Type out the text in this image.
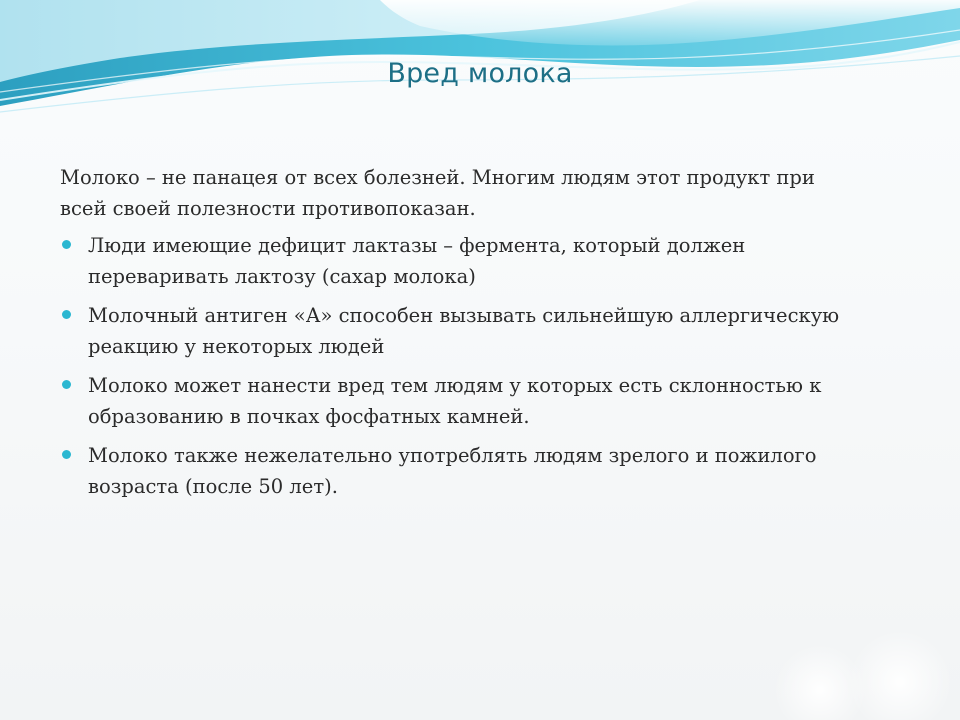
Вред молока

Молоко – не панацея от всех болезней. Многим людям этот продукт при всей своей полезности противопоказан.

Люди имеющие дефицит лактазы – фермента, который должен переваривать лактозу (сахар молока)
Молочный антиген «А» способен вызывать сильнейшую аллергическую реакцию у некоторых людей
Молоко может нанести вред тем людям у которых есть склонностью к образованию в почках фосфатных камней.
Молоко также нежелательно употреблять людям зрелого и пожилого возраста (после 50 лет).
